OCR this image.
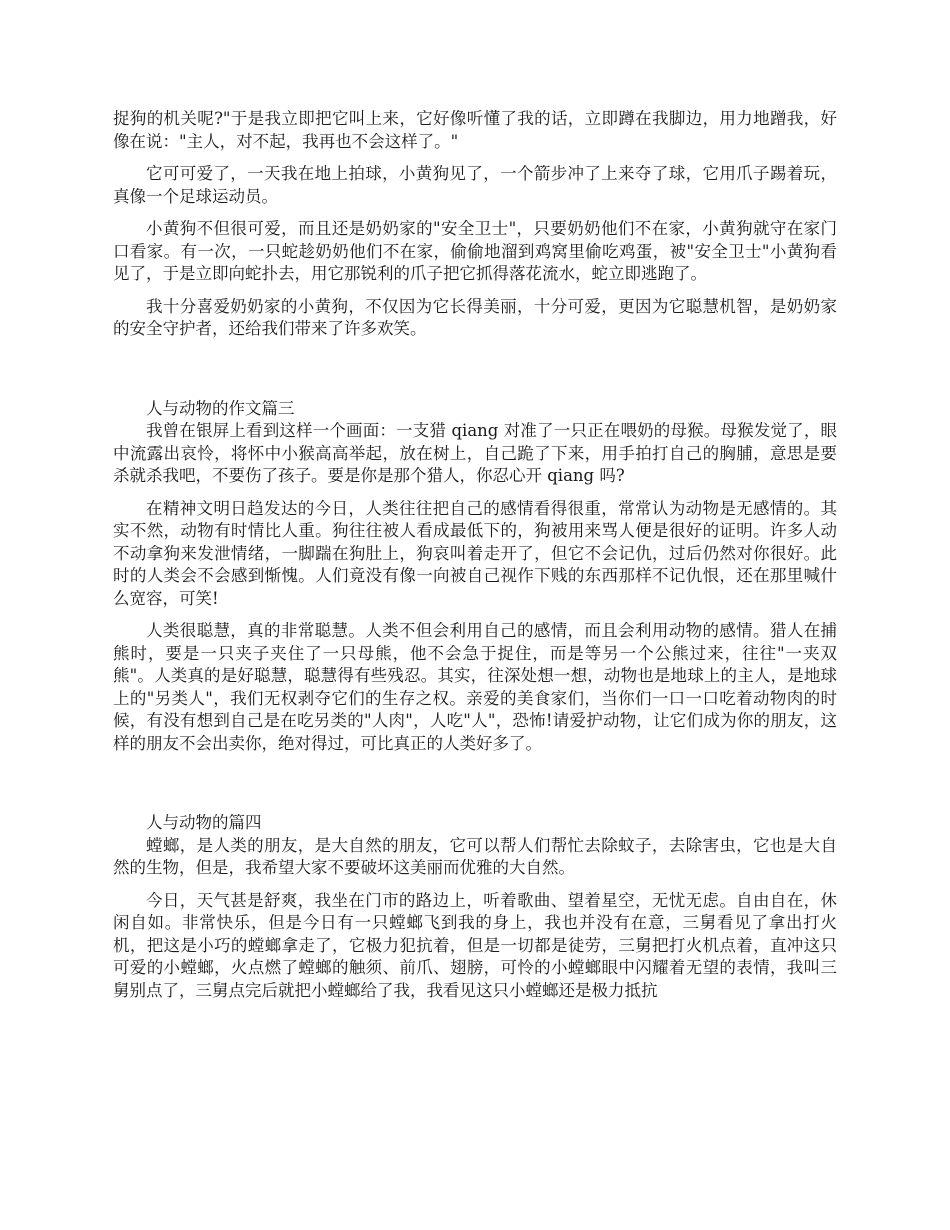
捉狗的机关呢?"于是我立即把它叫上来，它好像听懂了我的话，立即蹲在我脚边，用力地蹭我，好像在说："主人，对不起，我再也不会这样了。"

它可可爱了，一天我在地上拍球，小黄狗见了，一个箭步冲了上来夺了球，它用爪子踢着玩，真像一个足球运动员。

小黄狗不但很可爱，而且还是奶奶家的"安全卫士"，只要奶奶他们不在家，小黄狗就守在家门口看家。有一次，一只蛇趁奶奶他们不在家，偷偷地溜到鸡窝里偷吃鸡蛋，被"安全卫士"小黄狗看见了，于是立即向蛇扑去，用它那锐利的爪子把它抓得落花流水，蛇立即逃跑了。

我十分喜爱奶奶家的小黄狗，不仅因为它长得美丽，十分可爱，更因为它聪慧机智，是奶奶家的安全守护者，还给我们带来了许多欢笑。

人与动物的作文篇三

我曾在银屏上看到这样一个画面：一支猎 qiang 对准了一只正在喂奶的母猴。母猴发觉了，眼中流露出哀怜，将怀中小猴高高举起，放在树上，自己跪了下来，用手拍打自己的胸脯，意思是要杀就杀我吧，不要伤了孩子。要是你是那个猎人，你忍心开 qiang 吗?

在精神文明日趋发达的今日，人类往往把自己的感情看得很重，常常认为动物是无感情的。其实不然，动物有时情比人重。狗往往被人看成最低下的，狗被用来骂人便是很好的证明。许多人动不动拿狗来发泄情绪，一脚踹在狗肚上，狗哀叫着走开了，但它不会记仇，过后仍然对你很好。此时的人类会不会感到惭愧。人们竟没有像一向被自己视作下贱的东西那样不记仇恨，还在那里喊什么宽容，可笑!

人类很聪慧，真的非常聪慧。人类不但会利用自己的感情，而且会利用动物的感情。猎人在捕熊时，要是一只夹子夹住了一只母熊，他不会急于捉住，而是等另一个公熊过来，往往"一夹双熊"。人类真的是好聪慧，聪慧得有些残忍。其实，往深处想一想，动物也是地球上的主人，是地球上的"另类人"，我们无权剥夺它们的生存之权。亲爱的美食家们，当你们一口一口吃着动物肉的时候，有没有想到自己是在吃另类的"人肉"，人吃"人"，恐怖!请爱护动物，让它们成为你的朋友，这样的朋友不会出卖你，绝对得过，可比真正的人类好多了。

人与动物的篇四

螳螂，是人类的朋友，是大自然的朋友，它可以帮人们帮忙去除蚊子，去除害虫，它也是大自然的生物，但是，我希望大家不要破坏这美丽而优雅的大自然。

今日，天气甚是舒爽，我坐在门市的路边上，听着歌曲、望着星空，无忧无虑。自由自在，休闲自如。非常快乐，但是今日有一只螳螂飞到我的身上，我也并没有在意，三舅看见了拿出打火机，把这是小巧的螳螂拿走了，它极力犯抗着，但是一切都是徒劳，三舅把打火机点着，直冲这只可爱的小螳螂，火点燃了螳螂的触须、前爪、翅膀，可怜的小螳螂眼中闪耀着无望的表情，我叫三舅别点了，三舅点完后就把小螳螂给了我，我看见这只小螳螂还是极力抵抗
